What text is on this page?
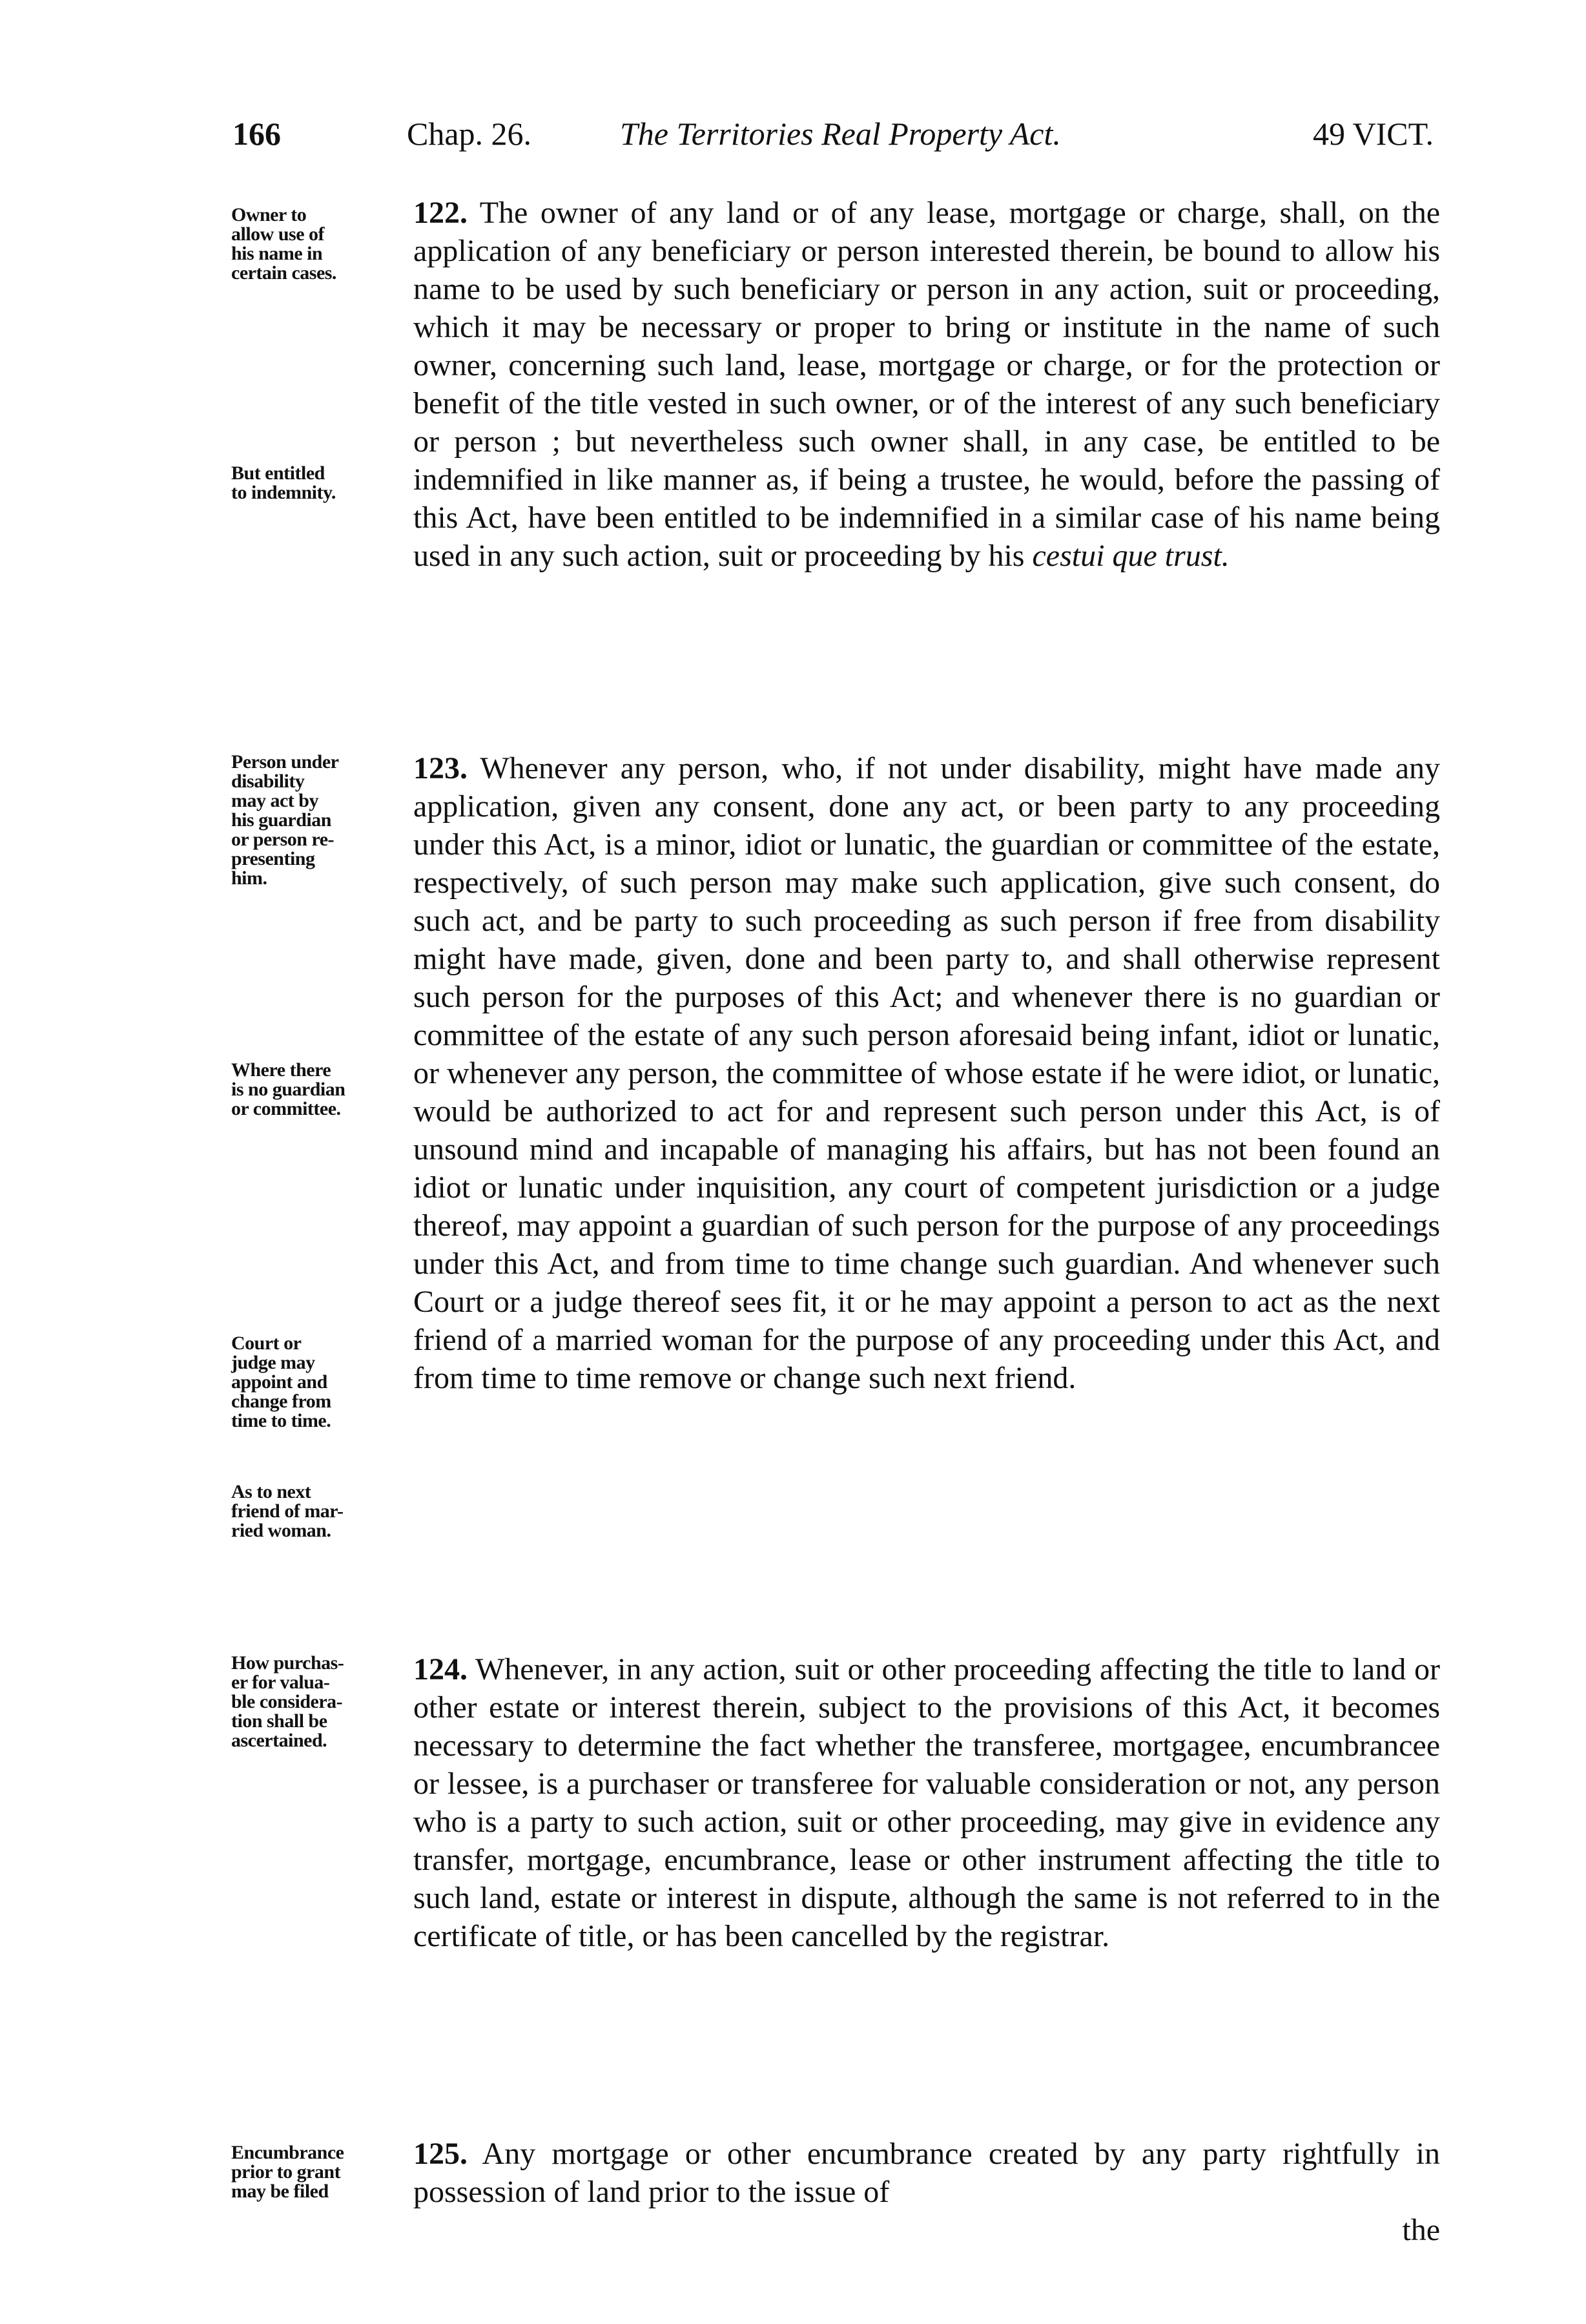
166	Chap. 26.	The Territories Real Property Act.	49 VICT.
Owner to
allow use of
his name in
certain cases.
But entitled
to indemnity.
Person under
disability
may act by
his guardian
or person re-
presenting
him.
Where there
is no guardian
or committee.
Court or
judge may
appoint and
change from
time to time.
As to next
friend of mar-
ried woman.
How purchas-
er for valua-
ble considera-
tion shall be
ascertained.
Encumbrance
prior to grant
may be filed
122. The owner of any land or of any lease, mortgage or charge, shall, on the application of any beneficiary or person interested therein, be bound to allow his name to be used by such beneficiary or person in any action, suit or proceeding, which it may be necessary or proper to bring or institute in the name of such owner, concerning such land, lease, mortgage or charge, or for the protection or benefit of the title vested in such owner, or of the interest of any such beneficiary or person ; but nevertheless such owner shall, in any case, be entitled to be indemnified in like manner as, if being a trustee, he would, before the passing of this Act, have been entitled to be indemnified in a similar case of his name being used in any such action, suit or proceeding by his cestui que trust.
123. Whenever any person, who, if not under disability, might have made any application, given any consent, done any act, or been party to any proceeding under this Act, is a minor, idiot or lunatic, the guardian or committee of the estate, respectively, of such person may make such application, give such consent, do such act, and be party to such proceeding as such person if free from disability might have made, given, done and been party to, and shall otherwise represent such person for the purposes of this Act; and whenever there is no guardian or committee of the estate of any such person aforesaid being infant, idiot or lunatic, or whenever any person, the committee of whose estate if he were idiot, or lunatic, would be authorized to act for and represent such person under this Act, is of unsound mind and incapable of managing his affairs, but has not been found an idiot or lunatic under inquisition, any court of competent jurisdiction or a judge thereof, may appoint a guardian of such person for the purpose of any proceedings under this Act, and from time to time change such guardian. And whenever such Court or a judge thereof sees fit, it or he may appoint a person to act as the next friend of a married woman for the purpose of any proceeding under this Act, and from time to time remove or change such next friend.
124. Whenever, in any action, suit or other proceeding affecting the title to land or other estate or interest therein, subject to the provisions of this Act, it becomes necessary to determine the fact whether the transferee, mortgagee, encumbrancee or lessee, is a purchaser or transferee for valuable consideration or not, any person who is a party to such action, suit or other proceeding, may give in evidence any transfer, mortgage, encumbrance, lease or other instrument affecting the title to such land, estate or interest in dispute, although the same is not referred to in the certificate of title, or has been cancelled by the registrar.
125. Any mortgage or other encumbrance created by any party rightfully in possession of land prior to the issue of
the
